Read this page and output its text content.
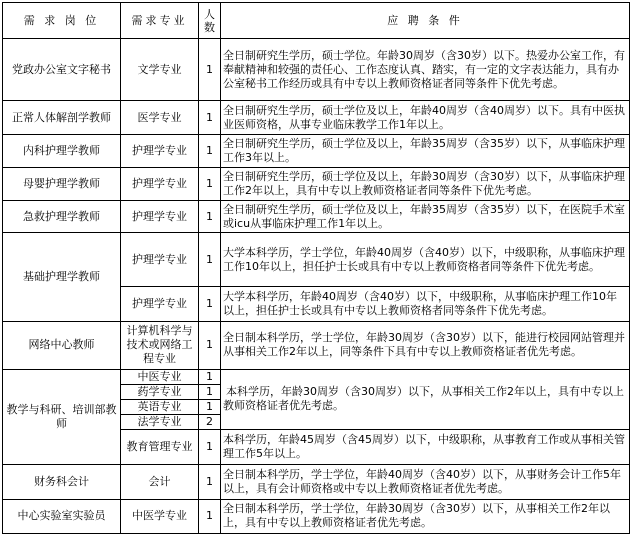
需 求 岗 位	需求专业	人数	应 聘 条 件
党政办公室文字秘书	文学专业	1	全日制研究生学历，硕士学位。年龄30周岁（含30岁）以下。热爱办公室工作，有奉献精神和较强的责任心、工作态度认真、踏实，有一定的文字表达能力，具有办公室秘书工作经历或具有中专以上教师资格证者同等条件下优先考虑。
正常人体解剖学教师	医学专业	1	全日制研究生学历，硕士学位及以上，年龄40周岁（含40周岁）以下。具有中医执业医师资格，从事专业临床教学工作1年以上。
内科护理学教师	护理学专业	1	全日制研究生学历，硕士学位及以上，年龄35周岁（含35岁）以下，从事临床护理工作3年以上。
母婴护理学教师	护理学专业	1	全日制研究生学历，硕士学位及以上，年龄30周岁（含30岁）以下，从事临床护理工作2年以上，具有中专以上教师资格证者同等条件下优先考虑。
急救护理学教师	护理学专业	1	全日制研究生学历，硕士学位及以上，年龄35周岁（含35岁）以下，在医院手术室或icu从事临床护理工作1年以上。
基础护理学教师	护理学专业	1	大学本科学历，学士学位，年龄40周岁（含40岁）以下，中级职称，从事临床护理工作10年以上，担任护士长或具有中专以上教师资格者同等条件下优先考虑。
	护理学专业	1	大学本科学历，年龄40周岁（含40岁）以下，中级职称，从事临床护理工作10年以上，担任护士长或具有中专以上教师资格者同等条件下优先考虑。
网络中心教师	计算机科学与技术或网络工程专业	1	全日制本科学历，学士学位，年龄30周岁（含30岁）以下，能进行校园网站管理并从事相关工作2年以上，同等条件下具有中专以上教师资格证者优先考虑。
教学与科研、培训部教师	中医专业	1	本科学历，年龄30周岁（含30周岁）以下，从事相关工作2年以上，具有中专以上教师资格证者优先考虑。
	药学专业	1	
	英语专业	1	
	法学专业	2	
	教育管理专业	1	本科学历，年龄45周岁（含45周岁）以下，中级职称，从事教育工作或从事相关管理工作5年以上。
财务科会计	会计	1	全日制本科学历，学士学位，年龄40周岁（含40岁）以下，从事财务会计工作5年以上，具有会计师资格或中专以上教师资格证者优先考虑。
中心实验室实验员	中医学专业	1	全日制本科学历，学士学位，年龄30周岁（含30岁）以下，从事相关工作2年以上，具有中专以上教师资格证者优先考虑。
